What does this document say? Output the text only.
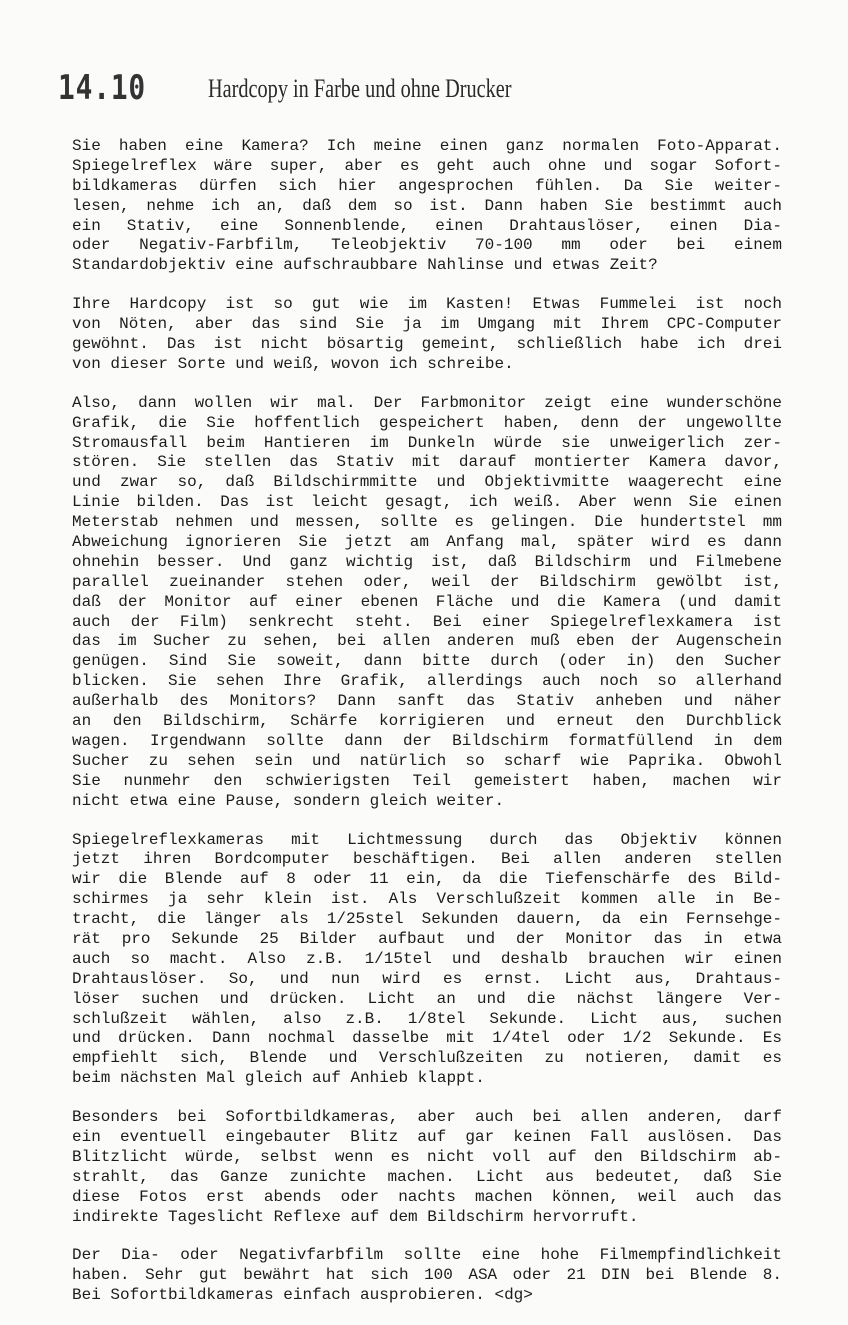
14.10 Hardcopy in Farbe und ohne Drucker
Sie haben eine Kamera? Ich meine einen ganz normalen Foto-Apparat.
Spiegelreflex wäre super, aber es geht auch ohne und sogar Sofort-
bildkameras dürfen sich hier angesprochen fühlen. Da Sie weiter-
lesen, nehme ich an, daß dem so ist. Dann haben Sie bestimmt auch
ein Stativ, eine Sonnenblende, einen Drahtauslöser, einen Dia-
oder Negativ-Farbfilm, Teleobjektiv 70-100 mm oder bei einem
Standardobjektiv eine aufschraubbare Nahlinse und etwas Zeit?
Ihre Hardcopy ist so gut wie im Kasten! Etwas Fummelei ist noch
von Nöten, aber das sind Sie ja im Umgang mit Ihrem CPC-Computer
gewöhnt. Das ist nicht bösartig gemeint, schließlich habe ich drei
von dieser Sorte und weiß, wovon ich schreibe.
Also, dann wollen wir mal. Der Farbmonitor zeigt eine wunderschöne
Grafik, die Sie hoffentlich gespeichert haben, denn der ungewollte
Stromausfall beim Hantieren im Dunkeln würde sie unweigerlich zer-
stören. Sie stellen das Stativ mit darauf montierter Kamera davor,
und zwar so, daß Bildschirmmitte und Objektivmitte waagerecht eine
Linie bilden. Das ist leicht gesagt, ich weiß. Aber wenn Sie einen
Meterstab nehmen und messen, sollte es gelingen. Die hundertstel mm
Abweichung ignorieren Sie jetzt am Anfang mal, später wird es dann
ohnehin besser. Und ganz wichtig ist, daß Bildschirm und Filmebene
parallel zueinander stehen oder, weil der Bildschirm gewölbt ist,
daß der Monitor auf einer ebenen Fläche und die Kamera (und damit
auch der Film) senkrecht steht. Bei einer Spiegelreflexkamera ist
das im Sucher zu sehen, bei allen anderen muß eben der Augenschein
genügen. Sind Sie soweit, dann bitte durch (oder in) den Sucher
blicken. Sie sehen Ihre Grafik, allerdings auch noch so allerhand
außerhalb des Monitors? Dann sanft das Stativ anheben und näher
an den Bildschirm, Schärfe korrigieren und erneut den Durchblick
wagen. Irgendwann sollte dann der Bildschirm formatfüllend in dem
Sucher zu sehen sein und natürlich so scharf wie Paprika. Obwohl
Sie nunmehr den schwierigsten Teil gemeistert haben, machen wir
nicht etwa eine Pause, sondern gleich weiter.
Spiegelreflexkameras mit Lichtmessung durch das Objektiv können
jetzt ihren Bordcomputer beschäftigen. Bei allen anderen stellen
wir die Blende auf 8 oder 11 ein, da die Tiefenschärfe des Bild-
schirmes ja sehr klein ist. Als Verschlußzeit kommen alle in Be-
tracht, die länger als 1/25stel Sekunden dauern, da ein Fernsehge-
rät pro Sekunde 25 Bilder aufbaut und der Monitor das in etwa
auch so macht. Also z.B. 1/15tel und deshalb brauchen wir einen
Drahtauslöser. So, und nun wird es ernst. Licht aus, Drahtaus-
löser suchen und drücken. Licht an und die nächst längere Ver-
schlußzeit wählen, also z.B. 1/8tel Sekunde. Licht aus, suchen
und drücken. Dann nochmal dasselbe mit 1/4tel oder 1/2 Sekunde. Es
empfiehlt sich, Blende und Verschlußzeiten zu notieren, damit es
beim nächsten Mal gleich auf Anhieb klappt.
Besonders bei Sofortbildkameras, aber auch bei allen anderen, darf
ein eventuell eingebauter Blitz auf gar keinen Fall auslösen. Das
Blitzlicht würde, selbst wenn es nicht voll auf den Bildschirm ab-
strahlt, das Ganze zunichte machen. Licht aus bedeutet, daß Sie
diese Fotos erst abends oder nachts machen können, weil auch das
indirekte Tageslicht Reflexe auf dem Bildschirm hervorruft.
Der Dia- oder Negativfarbfilm sollte eine hohe Filmempfindlichkeit
haben. Sehr gut bewährt hat sich 100 ASA oder 21 DIN bei Blende 8.
Bei Sofortbildkameras einfach ausprobieren. <dg>
